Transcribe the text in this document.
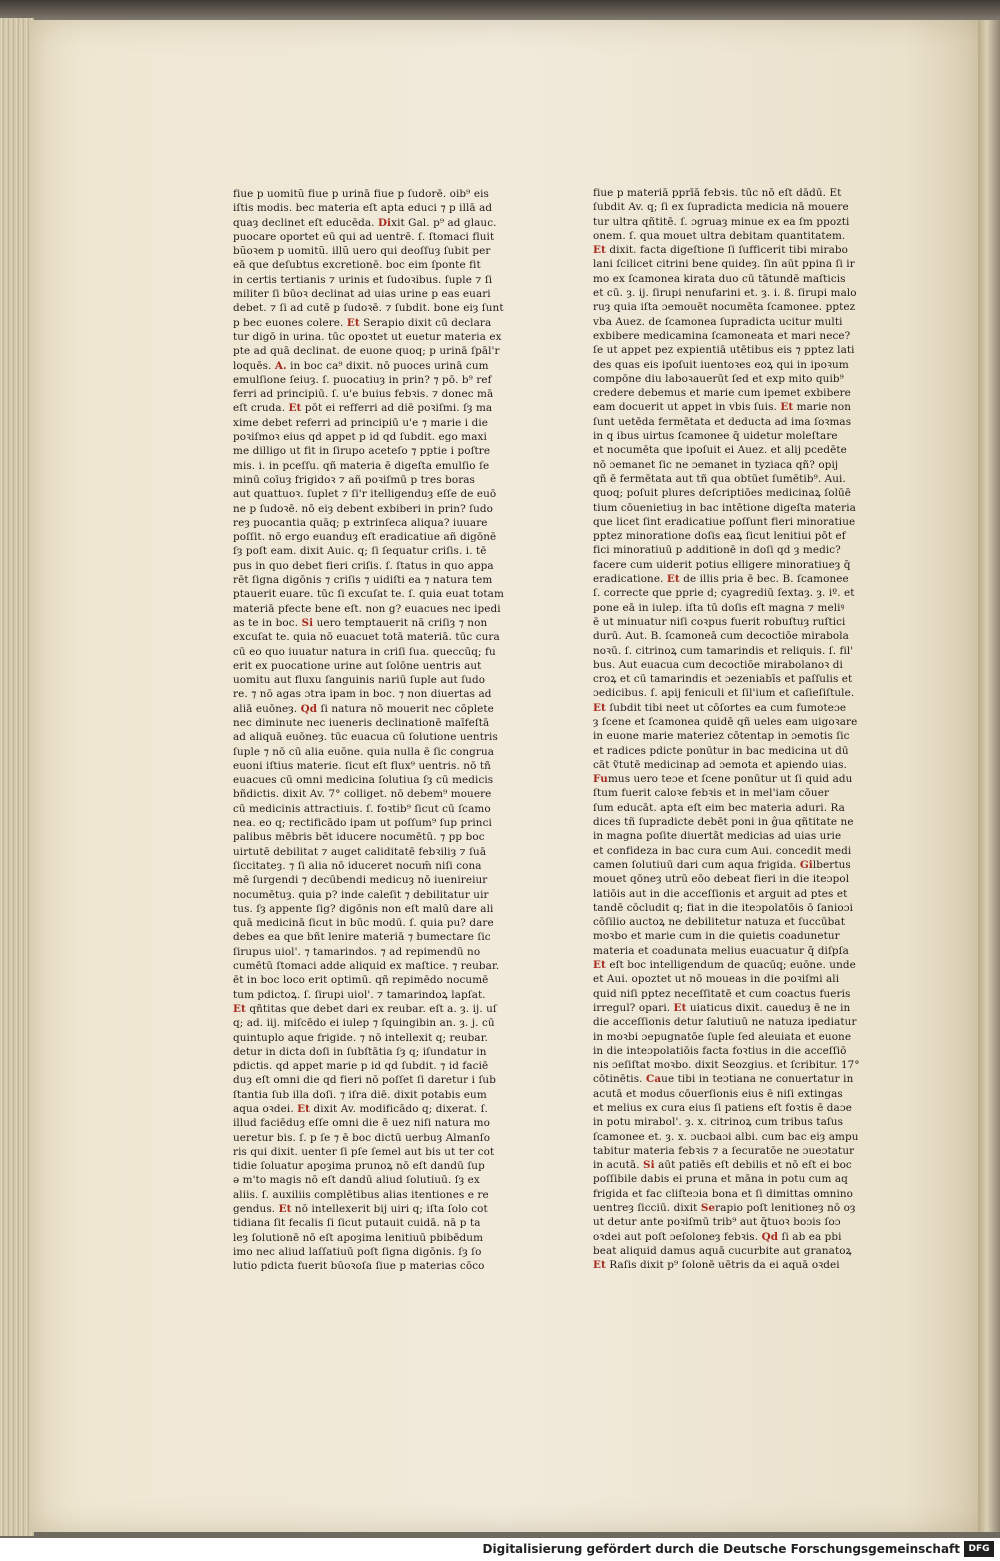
fiue p uomitũ fiue p urinā fiue p ſudorē. oib⁹ eis
iſtis modis. bec materia eſt apta educi ⁊ p illā ad
quaȝ declinet eſt educēda. Dixit Gal. p⁹ ad glauc.
puocare oportet eū qui ad uentrē. ſ. ſtomaci fluit
bũoꝛem p uomitũ. illũ uero qui deoſſuȝ ſubit per
eā que deſubtus excretionē. boc eim ſponte fit
in certis tertianis ⁊ urinis et ſudoꝛibus. ſuple ⁊ ſi
militer ſi būoꝛ declinat ad uias urine p eas euari
debet. ⁊ ſi ad cutē p ſudoꝛē. ⁊ ſubdit. bone eiȝ ſunt
p bec euones colere. Et Serapio dixit cū declara
tur digō in urina. tūc opoꝛtet ut euetur materia ex
pte ad quā declinat. de euone quoq; p urinā ſpāl'r
loquēs. A. in boc ca⁹ dixit. nō puoces urinā cum
emulſione ſeiuȝ. ſ. puocatiuȝ in prin? ⁊ pō. b⁹ ref
ferri ad principiū. ſ. u'e buius febꝛis. ⁊ donec mā
eſt cruda. Et pōt ei refferri ad diē poꝛiſmi. ſȝ ma
xime debet referri ad principiū u'e ⁊ marie i die
poꝛiſmoꝛ eius qd appet p id qd ſubdit. ego maxi
me dilligo ut fit in ſirupo aceteſo ⁊ pptie i poſtre
mis. i. in pceſſu. qñ materia ē digeſta emulſio ſe
minū coīuȝ frigidoꝛ ⁊ añ poꝛiſmū p tres boras
aut quattuoꝛ. ſuplet ⁊ ſi'r itelligenduȝ eſſe de euō
ne p ſudoꝛē. nō eiȝ debent exbiberi in prin? ſudo
reȝ puocantia quāq; p extrinſeca aliqua? iuuare
poſſit. nō ergo euanduȝ eſt eradicatiue añ digōnē
ſȝ poſt eam. dixit Auic. q; ſi ſequatur criſis. i. tē
pus in quo debet fieri criſis. ſ. ſtatus in quo appa
rēt ſigna digōnis ⁊ criſis ⁊ uidiſti ea ⁊ natura tem
ptauerit euare. tūc ſi excuſat te. ſ. quia euat totam
materiā pfecte bene eſt. non g? euacues nec ipedi
as te in boc. Si uero temptauerit nā criſiȝ ⁊ non
excuſat te. quia nō euacuet totā materiā. tūc cura
cū eo quo iuuatur natura in criſi ſua. queccūq; fu
erit ex puocatione urine aut ſolōne uentris aut
uomitu aut fluxu ſanguinis nariū ſuple aut ſudo
re. ⁊ nō agas ɔtra ipam in boc. ⁊ non diuertas ad
aliā euōneȝ. Qd ſi natura nō mouerit nec cōplete
nec diminute nec iueneris declinationē maīfeſtā
ad aliquā euōneȝ. tūc euacua cū ſolutione uentris
ſuple ⁊ nō cū alia euōne. quia nulla ē ſic congrua
euoni iſtius materie. ſicut eſt flux⁹ uentris. nō tñ
euacues cū omni medicina ſolutiua ſȝ cū medicis
bñdictis. dixit Av. 7° colliget. nō debem⁹ mouere
cū medicinis attractiuis. ſ. foꝛtib⁹ ſicut cū ſcamo
nea. eo q; rectificādo ipam ut poſſum⁹ ſup princi
palibus mēbris bēt iducere nocumētū. ⁊ pp boc
uirtutē debilitat ⁊ auget caliditatē febꝛiliȝ ⁊ ſuā
ſiccitateȝ. ⁊ ſi alia nō iduceret nocum̄ niſi cona
mē ſurgendi ⁊ decūbendi medicuȝ nō iuenireiur
nocumētuȝ. quia p? inde caleſit ⁊ debilitatur uir
tus. ſȝ appente ſig? digōnis non eſt malū dare ali
quā medicinā ſicut in būc modū. ſ. quia pu? dare
debes ea que bñt lenire materiā ⁊ bumectare ſic
ſirupus uiol'. ⁊ tamarindos. ⁊ ad repimendū no
cumētū ſtomaci adde aliquid ex maſtice. ⁊ reubar.
ēt in boc loco erit optimū. qñ repimēdo nocumē
tum pdictoꝝ. ſ. ſirupi uiol'. ⁊ tamarindoꝝ lapſat.
Et qñtitas que debet dari ex reubar. eſt a. ȝ. ij. uſ
q; ad. iij. miſcēdo ei iulep ⁊ ſquingibin an. ȝ. j. cū
quintuplo aque frigide. ⁊ nō intellexit q; reubar.
detur in dicta doſi in ſubſtātia ſȝ q; iſundatur in
pdictis. qd appet marie p id qd ſubdit. ⁊ id faciē
duȝ eſt omni die qd fieri nō poſſet ſi daretur i ſub
ſtantia ſub illa doſi. ⁊ iſra diē. dixit potabis eum
aqua oꝛdei. Et dixit Av. modificādo q; dixerat. ſ.
illud faciēduȝ eſſe omni die ē uez niſi natura mo
ueretur bis. ſ. p ſe ⁊ ē boc dictū uerbuȝ Almanſo
ris qui dixit. uenter ſi pſe ſemel aut bis ut ter cot
tidie ſoluatur apoȝima prunoꝝ nō eſt dandū ſup
ǝ m'to magis nō eſt dandū aliud ſolutiuū. ſȝ ex
aliis. ſ. auxiliis complētibus alias itentiones e re
gendus. Et nō intellexerit bij uiri q; iſta ſolo cot
tidiana ſit fecalis ſi ſicut putauit cuidā. nā p ta
leȝ ſolutionē nō eſt apoȝima lenitiuū pbibēdum
imo nec aliud laſſatiuū poſt ſigna digōnis. ſȝ ſo
lutio pdicta fuerit būoꝛoſa ſiue p materias cōco
fiue p materiā pprīā febꝛis. tūc nō eſt dādū. Et
ſubdit Av. q; ſi ex ſupradicta medicia nā mouere
tur ultra qñtitē. ſ. ɔgruaȝ minue ex ea ſm ppozti
onem. ſ. qua mouet ultra debitam quantitatem.
Et dixit. facta digeſtione ſi ſufficerit tibi mirabo
lani ſcilicet citrini bene quideȝ. ſin aūt ppina ſi ir
mo ex ſcamonea kirata duo cū tātundē maſticis
et cū. ȝ. ij. ſirupi nenufarini et. ȝ. i. ß. ſirupi malo
ruȝ quia iſta ɔemouēt nocumēta ſcamonee. pptez
vba Auez. de ſcamonea ſupradicta ucitur multi
exbibere medicamina ſcamoneata et mari nece?
ſe ut appet pez expientiā utētibus eis ⁊ pptez lati
des quas eis ipoſuit iuentoꝛes eoꝝ qui in ipoꝛum
compōne diu laboꝛauerūt ſed et exp mito quib⁹
credere debemus et marie cum ipemet exbibere
eam docuerit ut appet in vbis ſuis. Et marie non
ſunt uetēda fermētata et deducta ad ima ſoꝛmas
in q ibus uirtus ſcamonee q̄ uidetur moleſtare
et nocumēta que ipoſuit ei Auez. et alij pcedēte
nō ɔemanet ſic ne ɔemanet in tyziaca qñ? opij
qñ ē fermētata aut tñ qua obtūet ſumētib⁹. Aui.
quoq; poſuit plures deſcriptiōes medicinaꝝ ſolūē
tium cōuenietiuȝ in bac intētione digeſta materia
que licet ſint eradicatiue poſſunt fieri minoratiue
pptez minoratione doſis eaꝝ ſicut lenitiui pōt ef
fici minoratiuū p additionē in doſi qd ȝ medic?
facere cum uiderit potius elligere minoratiueȝ q̄
eradicatione. Et de illis pria ē bec. B. ſcamonee
ſ. correcte que pprie d; cyagrediū ſextaȝ. ȝ. iº. et
pone eā in iulep. iſta tū doſis eſt magna ⁊ meliꝰ
ē ut minuatur niſi coꝛpus fuerit robuſtuȝ ruſtici
durū. Aut. B. ſcamoneā cum decoctiōe mirabola
noꝛū. ſ. citrinoꝝ cum tamarindis et reliquis. ſ. fil'
bus. Aut euacua cum decoctiōe mirabolanoꝛ di
croꝝ et cū tamarindis et ɔezeniabīs et paſſulis et
ɔedicibus. ſ. apij feniculi et ſil'ium et caſieſiſtule.
Et ſubdit tibi neet ut cōſortes ea cum fumoteɔe
ȝ ſcene et ſcamonea quidē qñ ueles eam uigoꝛare
in euone marie materiez cōtentap in ɔemotis ſic
et radices pdicte ponūtur in bac medicina ut dū
cāt ṽtutē medicinap ad ɔemota et apiendo uias.
Fumus uero teɔe et ſcene ponūtur ut ſi quid adu
ſtum fuerit caloꝛe febꝛis et in mel'iam cōuer
ſum educāt. apta eſt eim bec materia aduri. Ra
dices tñ ſupradicte debēt poni in ĝua qñtitate ne
in magna poſite diuertāt medicias ad uias urie
et confideza in bac cura cum Aui. concedit medi
camen ſolutiuū dari cum aqua frigida. Gilbertus
mouet qōneȝ utrū eōo debeat fieri in die iteɔpol
latiōis aut in die acceſſionis et arguit ad ptes et
tandē cōcludit q; fiat in die iteɔpolatōis ō ſanioɔi
cōſilio auctoꝝ ne debilitetur natuza et ſuccūbat
moꝛbo et marie cum in die quietis coadunetur
materia et coadunata melius euacuatur q̄ diſpſa
Et eſt boc intelligendum de quacūq; euōne. unde
et Aui. opoztet ut nō moueas in die poꝛiſmi ali
quid niſi pptez neceſſitatē et cum coactus fueris
irregul? opari. Et uiaticus dixit. caueduȝ ē ne in
die acceſſionis detur ſalutiuū ne natuza ipediatur
in moꝛbi ɔepugnatōe ſuple ſed aleuiata et euone
in die inteɔpolatiōis facta foꝛtius in die acceſſiō
nis ɔeſiſtat moꝛbo. dixit Seozgius. et ſcribitur. 17°
cōtinētis. Caue tibi in teɔtiana ne conuertatur in
acutā et modus cōuerſionis eius ē niſi extingas
et melius ex cura eius ſi patiens eſt foꝛtis ē daɔe
in potu mirabol'. ȝ. x. citrinoꝝ cum tribus taſus
ſcamonee et. ȝ. x. ɔucbaɔi albi. cum bac eiȝ ampu
tabitur materia febꝛis ⁊ a ſecuratōe ne ɔueɔtatur
in acutā. Si aūt patiēs eſt debilis et nō eſt ei boc
poſſibile dabis ei pruna et māna in potu cum aq
frigida et fac cliſteɔia bona et ſi dimittas omnino
uentreȝ ſicciū. dixit Serapio poſt lenitioneȝ nō oȝ
ut detur ante poꝛiſmū trib⁹ aut q̄tuoꝛ boɔis ſoɔ
oꝛdei aut poſt ɔeſoloneȝ febꝛis. Qd ſi ab ea pbi
beat aliquid damus aquā cucurbite aut granatoꝝ
Et Raſis dixit p⁹ ſolonē uētris da ei aquā oꝛdei
Digitalisierung gefördert durch die Deutsche Forschungsgemeinschaft DFG
